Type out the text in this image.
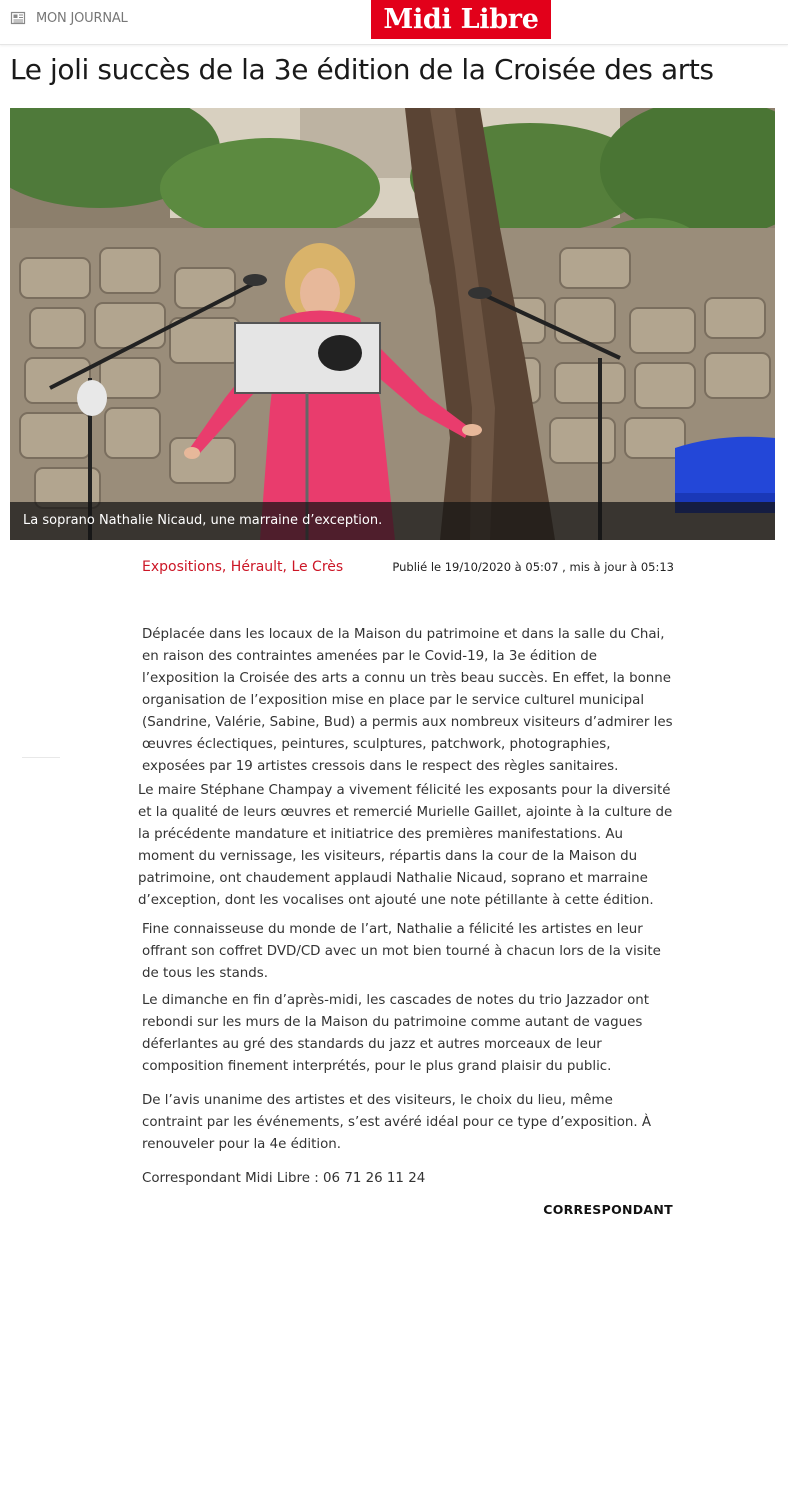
MON JOURNAL	Midi Libre
Le joli succès de la 3e édition de la Croisée des arts
La soprano Nathalie Nicaud, une marraine d’exception.
Expositions, Hérault, Le Crès	Publié le 19/10/2020 à 05:07 , mis à jour à 05:13

Déplacée dans les locaux de la Maison du patrimoine et dans la salle du Chai, en raison des contraintes amenées par le Covid-19, la 3e édition de l’exposition la Croisée des arts a connu un très beau succès. En effet, la bonne organisation de l’exposition mise en place par le service culturel municipal (Sandrine, Valérie, Sabine, Bud) a permis aux nombreux visiteurs d’admirer les œuvres éclectiques, peintures, sculptures, patchwork, photographies, exposées par 19 artistes cressois dans le respect des règles sanitaires.

Le maire Stéphane Champay a vivement félicité les exposants pour la diversité et la qualité de leurs œuvres et remercié Murielle Gaillet, ajointe à la culture de la précédente mandature et initiatrice des premières manifestations. Au moment du vernissage, les visiteurs, répartis dans la cour de la Maison du patrimoine, ont chaudement applaudi Nathalie Nicaud, soprano et marraine d’exception, dont les vocalises ont ajouté une note pétillante à cette édition.

Fine connaisseuse du monde de l’art, Nathalie a félicité les artistes en leur offrant son coffret DVD/CD avec un mot bien tourné à chacun lors de la visite de tous les stands.

Le dimanche en fin d’après-midi, les cascades de notes du trio Jazzador ont rebondi sur les murs de la Maison du patrimoine comme autant de vagues déferlantes au gré des standards du jazz et autres morceaux de leur composition finement interprétés, pour le plus grand plaisir du public.

De l’avis unanime des artistes et des visiteurs, le choix du lieu, même contraint par les événements, s’est avéré idéal pour ce type d’exposition. À renouveler pour la 4e édition.

Correspondant Midi Libre : 06 71 26 11 24

CORRESPONDANT
